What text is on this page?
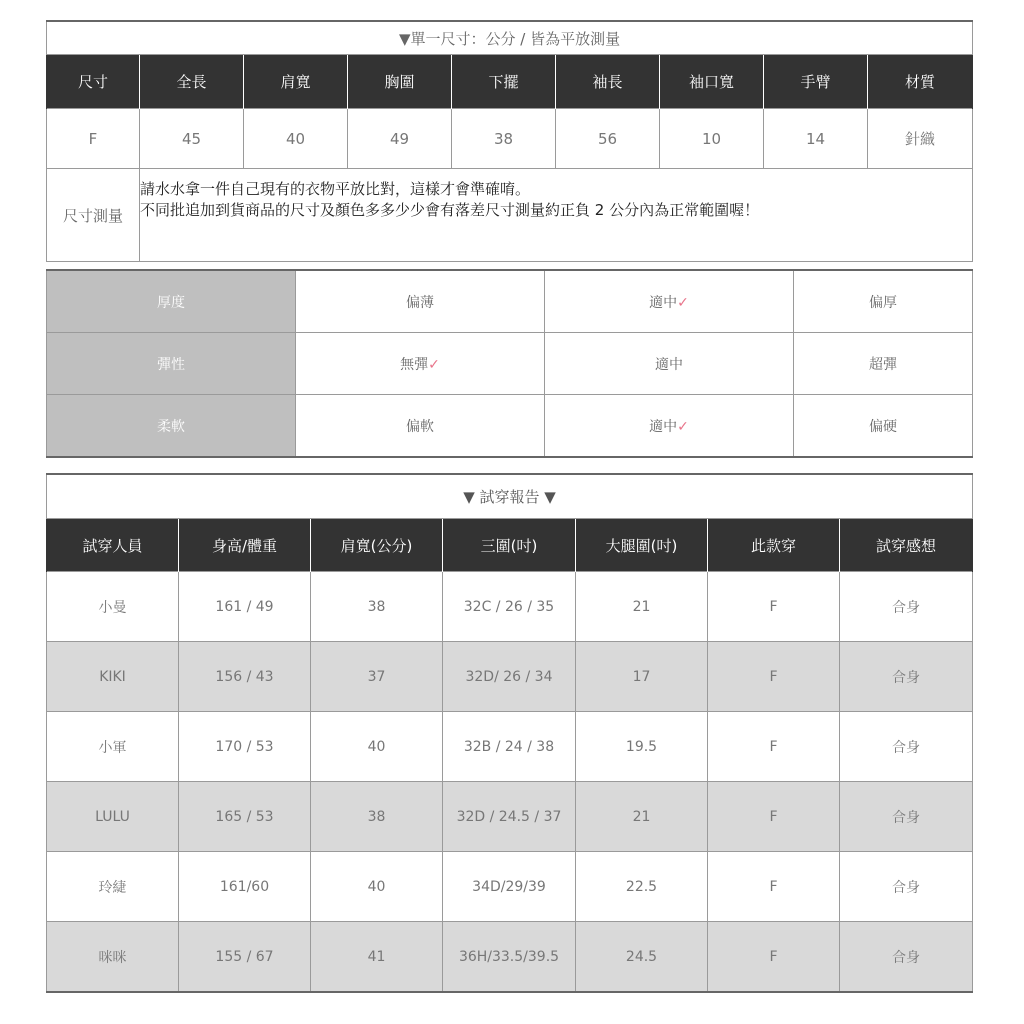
▼單一尺寸：公分 / 皆為平放測量								
尺寸	全長	肩寬	胸圍	下擺	袖長	袖口寬	手臂	材質
F	45	40	49	38	56	10	14	針織
尺寸測量	請水水拿一件自己現有的衣物平放比對，這樣才會準確唷。
不同批追加到貨商品的尺寸及顏色多多少少會有落差尺寸測量約正負 2 公分內為正常範圍喔！							
厚度	偏薄	適中✓	偏厚
彈性	無彈✓	適中	超彈
柔軟	偏軟	適中✓	偏硬
▼ 試穿報告 ▼						
試穿人員	身高/體重	肩寬(公分)	三圍(吋)	大腿圍(吋)	此款穿	試穿感想
小曼	161 / 49	38	32C / 26 / 35	21	F	合身
KIKI	156 / 43	37	32D/ 26 / 34	17	F	合身
小軍	170 / 53	40	32B / 24 / 38	19.5	F	合身
LULU	165 / 53	38	32D / 24.5 / 37	21	F	合身
玲緁	161/60	40	34D/29/39	22.5	F	合身
咪咪	155 / 67	41	36H/33.5/39.5	24.5	F	合身
